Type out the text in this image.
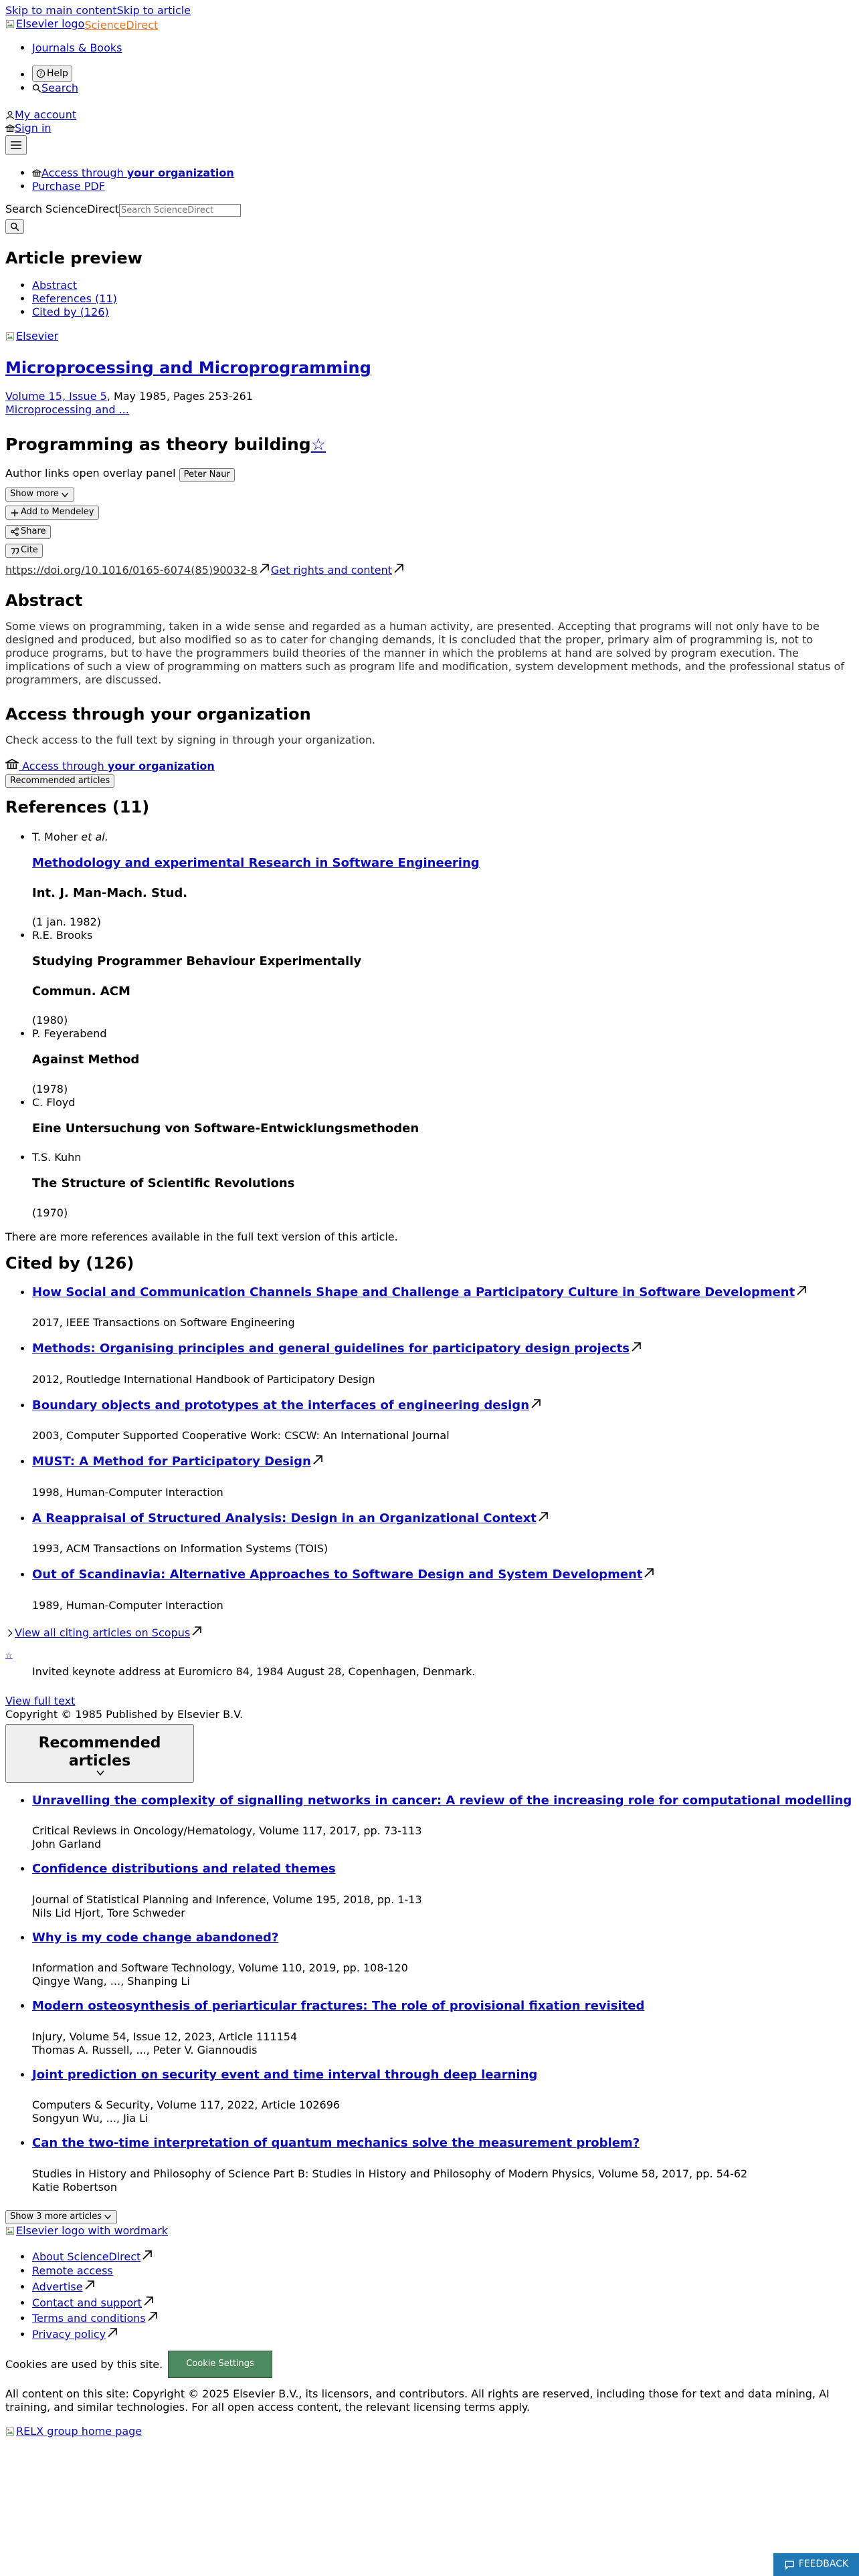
Skip to main contentSkip to article
Elsevier logo ScienceDirect
• Journals & Books
• ? Help
• Search
My account
Sign in
• Access through your organization
• Purchase PDF
Search ScienceDirectSearch ScienceDirect
Article preview
• Abstract
• References (11)
• Cited by (126)
Elsevier
Microprocessing and Microprogramming
Volume 15, Issue 5, May 1985, Pages 253-261
Microprocessing and ...
Programming as theory building☆
Author links open overlay panel Peter Naur
Show more
Add to Mendeley
Share
Cite
https://doi.org/10.1016/0165-6074(85)90032-8 Get rights and content
Abstract

Some views on programming, taken in a wide sense and regarded as a human activity, are presented. Accepting that programs will not only have to be designed and produced, but also modified so as to cater for changing demands, it is concluded that the proper, primary aim of programming is, not to produce programs, but to have the programmers build theories of the manner in which the problems at hand are solved by program execution. The implications of such a view of programming on matters such as program life and modification, system development methods, and the professional status of programmers, are discussed.

Access through your organization

Check access to the full text by signing in through your organization.

Access through your organization
Recommended articles
References (11)
• T. Moher et al.
Methodology and experimental Research in Software Engineering
Int. J. Man-Mach. Stud.
(1 jan. 1982)
• R.E. Brooks
Studying Programmer Behaviour Experimentally
Commun. ACM
(1980)
• P. Feyerabend
Against Method
(1978)
• C. Floyd
Eine Untersuchung von Software-Entwicklungsmethoden
• T.S. Kuhn
The Structure of Scientific Revolutions
(1970)

There are more references available in the full text version of this article.

Cited by (126)
• How Social and Communication Channels Shape and Challenge a Participatory Culture in Software Development
2017, IEEE Transactions on Software Engineering
• Methods: Organising principles and general guidelines for participatory design projects
2012, Routledge International Handbook of Participatory Design
• Boundary objects and prototypes at the interfaces of engineering design
2003, Computer Supported Cooperative Work: CSCW: An International Journal
• MUST: A Method for Participatory Design
1998, Human-Computer Interaction
• A Reappraisal of Structured Analysis: Design in an Organizational Context
1993, ACM Transactions on Information Systems (TOIS)
• Out of Scandinavia: Alternative Approaches to Software Design and System Development
1989, Human-Computer Interaction
View all citing articles on Scopus
☆
Invited keynote address at Euromicro 84, 1984 August 28, Copenhagen, Denmark.
View full text
Copyright © 1985 Published by Elsevier B.V.
Recommended articles
• Unravelling the complexity of signalling networks in cancer: A review of the increasing role for computational modelling
Critical Reviews in Oncology/Hematology, Volume 117, 2017, pp. 73-113
John Garland
• Confidence distributions and related themes
Journal of Statistical Planning and Inference, Volume 195, 2018, pp. 1-13
Nils Lid Hjort, Tore Schweder
• Why is my code change abandoned?
Information and Software Technology, Volume 110, 2019, pp. 108-120
Qingye Wang, ..., Shanping Li
• Modern osteosynthesis of periarticular fractures: The role of provisional fixation revisited
Injury, Volume 54, Issue 12, 2023, Article 111154
Thomas A. Russell, ..., Peter V. Giannoudis
• Joint prediction on security event and time interval through deep learning
Computers & Security, Volume 117, 2022, Article 102696
Songyun Wu, ..., Jia Li
• Can the two-time interpretation of quantum mechanics solve the measurement problem?
Studies in History and Philosophy of Science Part B: Studies in History and Philosophy of Modern Physics, Volume 58, 2017, pp. 54-62
Katie Robertson
Show 3 more articles
Elsevier logo with wordmark
• About ScienceDirect
• Remote access
• Advertise
• Contact and support
• Terms and conditions
• Privacy policy
Cookies are used by this site.	Cookie Settings

All content on this site: Copyright © 2025 Elsevier B.V., its licensors, and contributors. All rights are reserved, including those for text and data mining, AI training, and similar technologies. For all open access content, the relevant licensing terms apply.

RELX group home page
FEEDBACK
